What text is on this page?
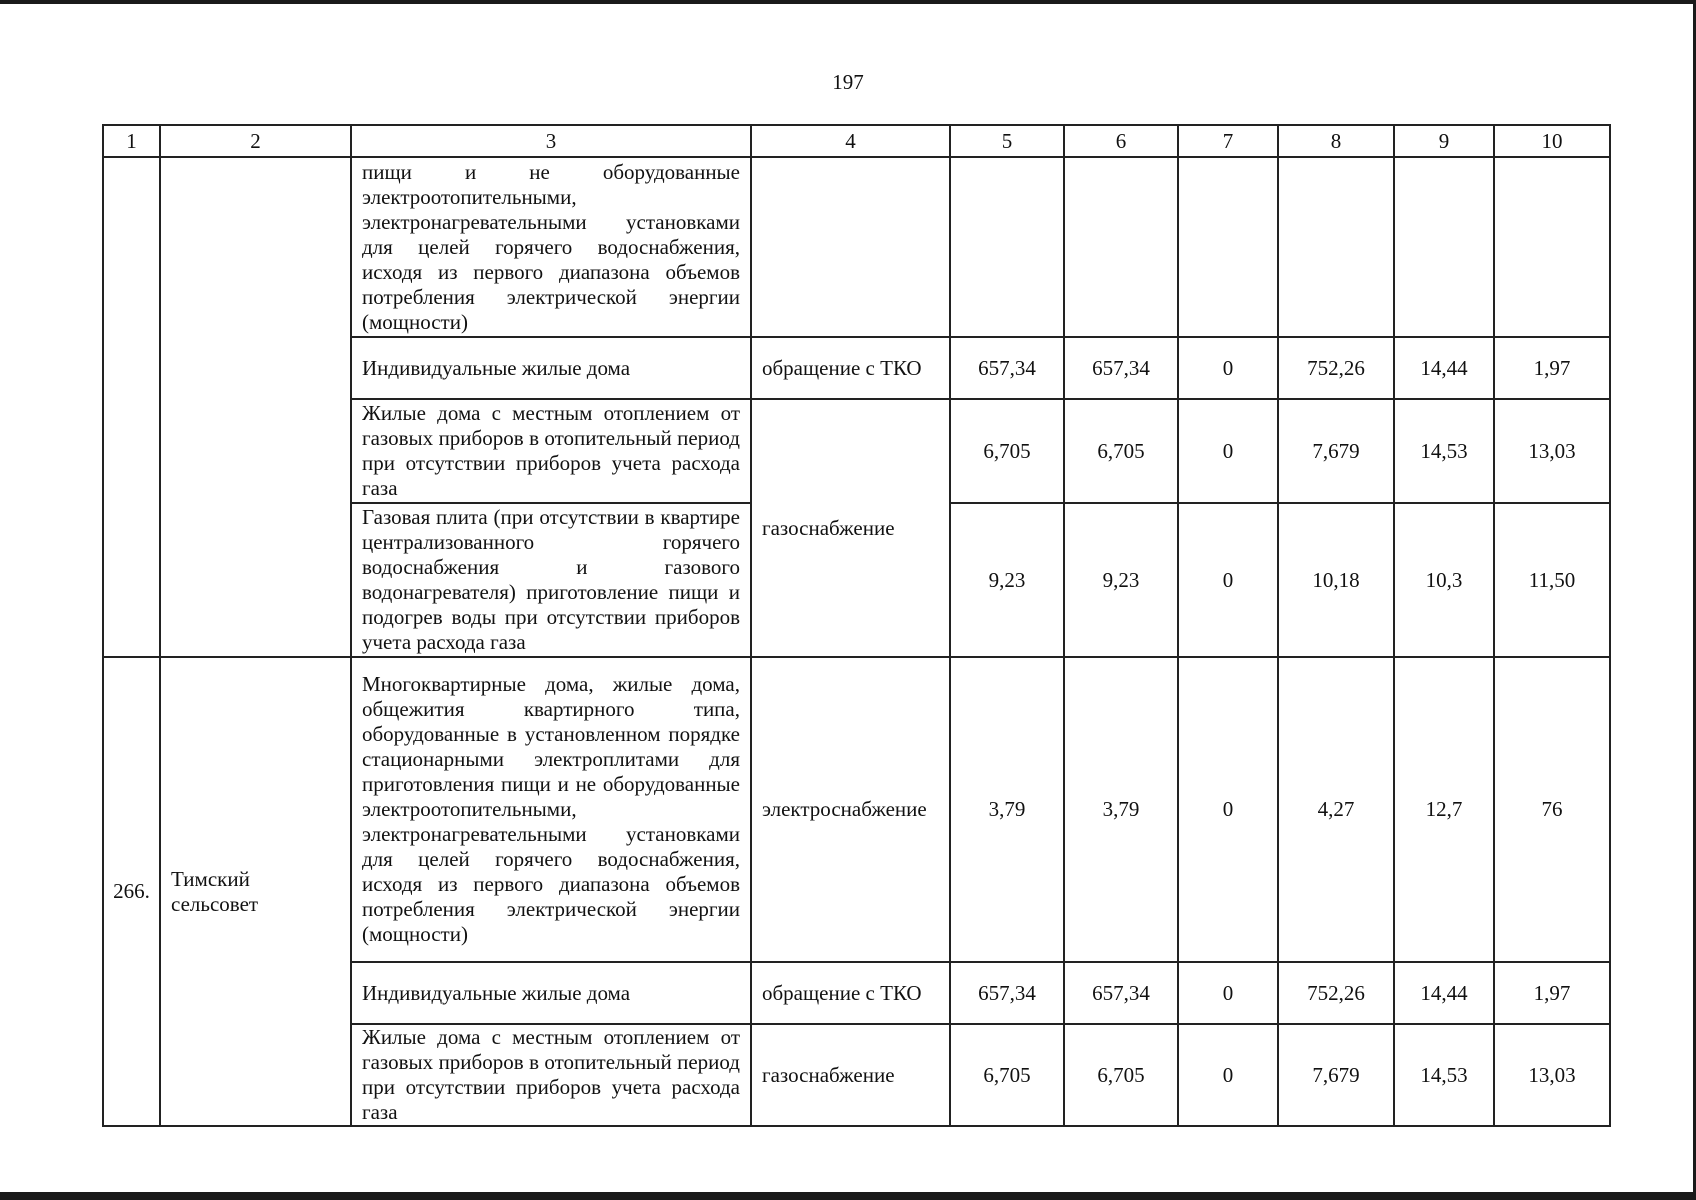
197
1	2	3	4	5	6	7	8	9	10
		пищи и не оборудованные электроотопительными, электронагревательными установками для целей горячего водоснабжения, исходя из первого диапазона объемов потребления электрической энергии (мощности)							
		Индивидуальные жилые дома	обращение с ТКО	657,34	657,34	0	752,26	14,44	1,97
		Жилые дома с местным отоплением от газовых приборов в отопительный период при отсутствии приборов учета расхода газа	газоснабжение	6,705	6,705	0	7,679	14,53	13,03
		Газовая плита (при отсутствии в квартире централизованного горячего водоснабжения и газового водонагревателя) приготовление пищи и подогрев воды при отсутствии приборов учета расхода газа		9,23	9,23	0	10,18	10,3	11,50
266.	Тимский сельсовет	Многоквартирные дома, жилые дома, общежития квартирного типа, оборудованные в установленном порядке стационарными электроплитами для приготовления пищи и не оборудованные электроотопительными, электронагревательными установками для целей горячего водоснабжения, исходя из первого диапазона объемов потребления электрической энергии (мощности)	электроснабжение	3,79	3,79	0	4,27	12,7	76
		Индивидуальные жилые дома	обращение с ТКО	657,34	657,34	0	752,26	14,44	1,97
		Жилые дома с местным отоплением от газовых приборов в отопительный период при отсутствии приборов учета расхода газа	газоснабжение	6,705	6,705	0	7,679	14,53	13,03
